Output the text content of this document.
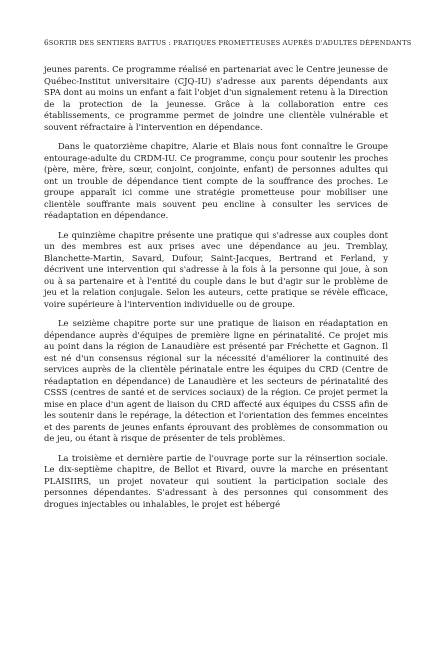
6 SORTIR DES SENTIERS BATTUS : PRATIQUES PROMETTEUSES AUPRÈS D'ADULTES DÉPENDANTS

jeunes parents. Ce programme réalisé en partenariat avec le Centre jeunesse de Québec-Institut universitaire (CJQ-IU) s'adresse aux parents dépendants aux SPA dont au moins un enfant a fait l'objet d'un signalement retenu à la Direction de la protection de la jeunesse. Grâce à la collaboration entre ces établissements, ce programme permet de joindre une clientèle vulnérable et souvent réfractaire à l'intervention en dépendance.

Dans le quatorzième chapitre, Alarie et Blais nous font connaître le Groupe entourage-adulte du CRDM-IU. Ce programme, conçu pour soutenir les proches (père, mère, frère, sœur, conjoint, conjointe, enfant) de personnes adultes qui ont un trouble de dépendance tient compte de la souffrance des proches. Le groupe apparaît ici comme une stratégie prometteuse pour mobiliser une clientèle souffrante mais souvent peu encline à consulter les services de réadaptation en dépendance.

Le quinzième chapitre présente une pratique qui s'adresse aux couples dont un des membres est aux prises avec une dépendance au jeu. Tremblay, Blanchette-Martin, Savard, Dufour, Saint-Jacques, Bertrand et Ferland, y décrivent une intervention qui s'adresse à la fois à la personne qui joue, à son ou à sa partenaire et à l'entité du couple dans le but d'agir sur le problème de jeu et la relation conjugale. Selon les auteurs, cette pratique se révèle efficace, voire supérieure à l'intervention individuelle ou de groupe.

Le seizième chapitre porte sur une pratique de liaison en réadaptation en dépendance auprès d'équipes de première ligne en périnatalité. Ce projet mis au point dans la région de Lanaudière est présenté par Fréchette et Gagnon. Il est né d'un consensus régional sur la nécessité d'améliorer la continuité des services auprès de la clientèle périnatale entre les équipes du CRD (Centre de réadaptation en dépendance) de Lanaudière et les secteurs de périnatalité des CSSS (centres de santé et de services sociaux) de la région. Ce projet permet la mise en place d'un agent de liaison du CRD affecté aux équipes du CSSS afin de les soutenir dans le repérage, la détection et l'orientation des femmes enceintes et des parents de jeunes enfants éprouvant des problèmes de consommation ou de jeu, ou étant à risque de présenter de tels problèmes.

La troisième et dernière partie de l'ouvrage porte sur la réinsertion sociale. Le dix-septième chapitre, de Bellot et Rivard, ouvre la marche en présentant PLAISIIRS, un projet novateur qui soutient la participation sociale des personnes dépendantes. S'adressant à des personnes qui consomment des drogues injectables ou inhalables, le projet est hébergé
